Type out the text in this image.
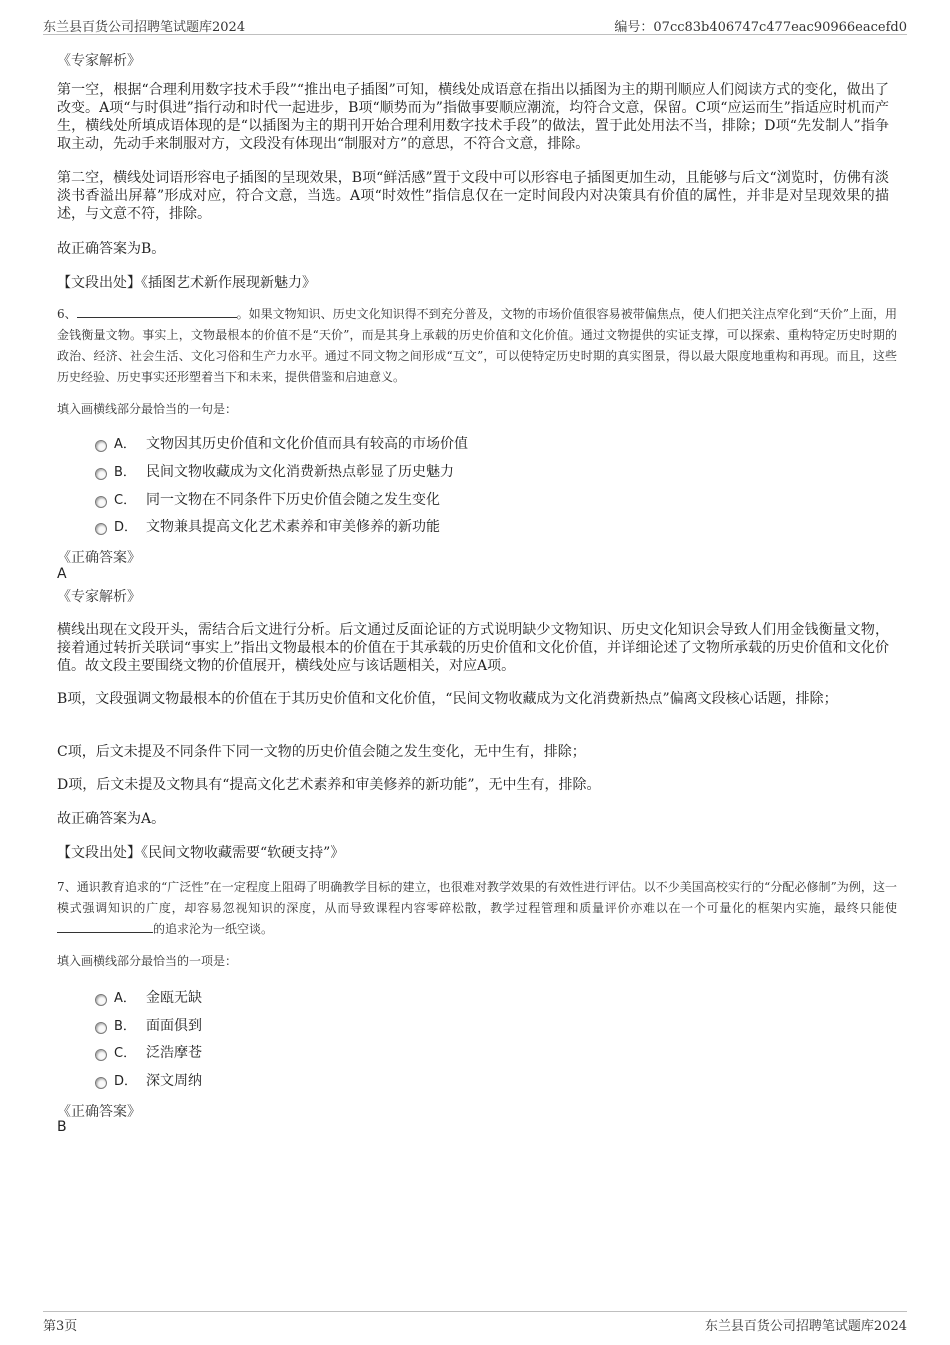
东兰县百货公司招聘笔试题库2024	编号：07cc83b406747c477eac90966eacefd0
《专家解析》
第一空，根据“合理利用数字技术手段”“推出电子插图”可知，横线处成语意在指出以插图为主的期刊顺应人们阅读方式的变化，做出了改变。A项“与时俱进”指行动和时代一起进步，B项“顺势而为”指做事要顺应潮流，均符合文意，保留。C项“应运而生”指适应时机而产生，横线处所填成语体现的是“以插图为主的期刊开始合理利用数字技术手段”的做法，置于此处用法不当，排除；D项“先发制人”指争取主动，先动手来制服对方，文段没有体现出“制服对方”的意思，不符合文意，排除。
第二空，横线处词语形容电子插图的呈现效果，B项“鲜活感”置于文段中可以形容电子插图更加生动，且能够与后文“浏览时，仿佛有淡淡书香溢出屏幕”形成对应，符合文意，当选。A项“时效性”指信息仅在一定时间段内对决策具有价值的属性，并非是对呈现效果的描述，与文意不符，排除。
故正确答案为B。
【文段出处】《插图艺术新作展现新魅力》
6、	。如果文物知识、历史文化知识得不到充分普及，文物的市场价值很容易被带偏焦点，使人们把关注点窄化到“天价”上面，用金钱衡量文物。事实上，文物最根本的价值不是“天价”，而是其身上承载的历史价值和文化价值。通过文物提供的实证支撑，可以探索、重构特定历史时期的政治、经济、社会生活、文化习俗和生产力水平。通过不同文物之间形成“互文”，可以使特定历史时期的真实图景，得以最大限度地重构和再现。而且，这些历史经验、历史事实还形塑着当下和未来，提供借鉴和启迪意义。
填入画横线部分最恰当的一句是：
A． 文物因其历史价值和文化价值而具有较高的市场价值
B． 民间文物收藏成为文化消费新热点彰显了历史魅力
C． 同一文物在不同条件下历史价值会随之发生变化
D． 文物兼具提高文化艺术素养和审美修养的新功能
《正确答案》
A
《专家解析》
横线出现在文段开头，需结合后文进行分析。后文通过反面论证的方式说明缺少文物知识、历史文化知识会导致人们用金钱衡量文物，接着通过转折关联词“事实上”指出文物最根本的价值在于其承载的历史价值和文化价值，并详细论述了文物所承载的历史价值和文化价值。故文段主要围绕文物的价值展开，横线处应与该话题相关，对应A项。
B项，文段强调文物最根本的价值在于其历史价值和文化价值，“民间文物收藏成为文化消费新热点”偏离文段核心话题，排除；
C项，后文未提及不同条件下同一文物的历史价值会随之发生变化，无中生有，排除；
D项，后文未提及文物具有“提高文化艺术素养和审美修养的新功能”，无中生有，排除。
故正确答案为A。
【文段出处】《民间文物收藏需要“软硬支持”》
7、通识教育追求的“广泛性”在一定程度上阻碍了明确教学目标的建立，也很难对教学效果的有效性进行评估。以不少美国高校实行的“分配必修制”为例，这一模式强调知识的广度，却容易忽视知识的深度，从而导致课程内容零碎松散，教学过程管理和质量评价亦难以在一个可量化的框架内实施，最终只能使的追求沦为一纸空谈。
填入画横线部分最恰当的一项是：
A． 金瓯无缺
B． 面面俱到
C． 泛浩摩苍
D． 深文周纳
《正确答案》
B
第3页	东兰县百货公司招聘笔试题库2024
